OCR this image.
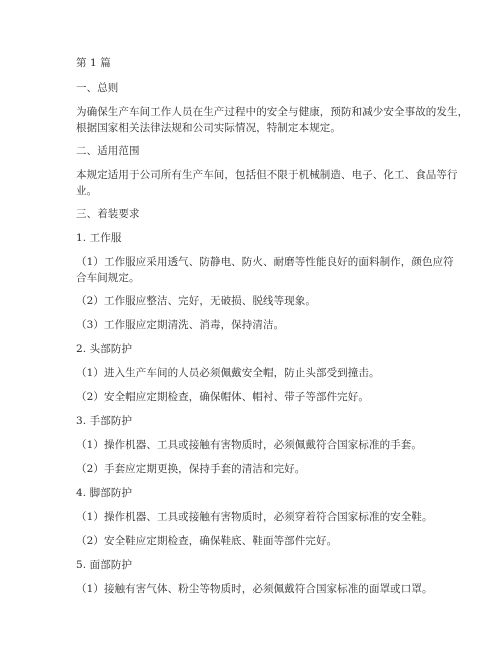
第 1 篇
一、总则
为确保生产车间工作人员在生产过程中的安全与健康，预防和减少安全事故的发生，
根据国家相关法律法规和公司实际情况，特制定本规定。
二、适用范围
本规定适用于公司所有生产车间，包括但不限于机械制造、电子、化工、食品等行
业。
三、着装要求
1. 工作服
（1）工作服应采用透气、防静电、防火、耐磨等性能良好的面料制作，颜色应符
合车间规定。
（2）工作服应整洁、完好，无破损、脱线等现象。
（3）工作服应定期清洗、消毒，保持清洁。
2. 头部防护
（1）进入生产车间的人员必须佩戴安全帽，防止头部受到撞击。
（2）安全帽应定期检查，确保帽体、帽衬、带子等部件完好。
3. 手部防护
（1）操作机器、工具或接触有害物质时，必须佩戴符合国家标准的手套。
（2）手套应定期更换，保持手套的清洁和完好。
4. 脚部防护
（1）操作机器、工具或接触有害物质时，必须穿着符合国家标准的安全鞋。
（2）安全鞋应定期检查，确保鞋底、鞋面等部件完好。
5. 面部防护
（1）接触有害气体、粉尘等物质时，必须佩戴符合国家标准的面罩或口罩。
